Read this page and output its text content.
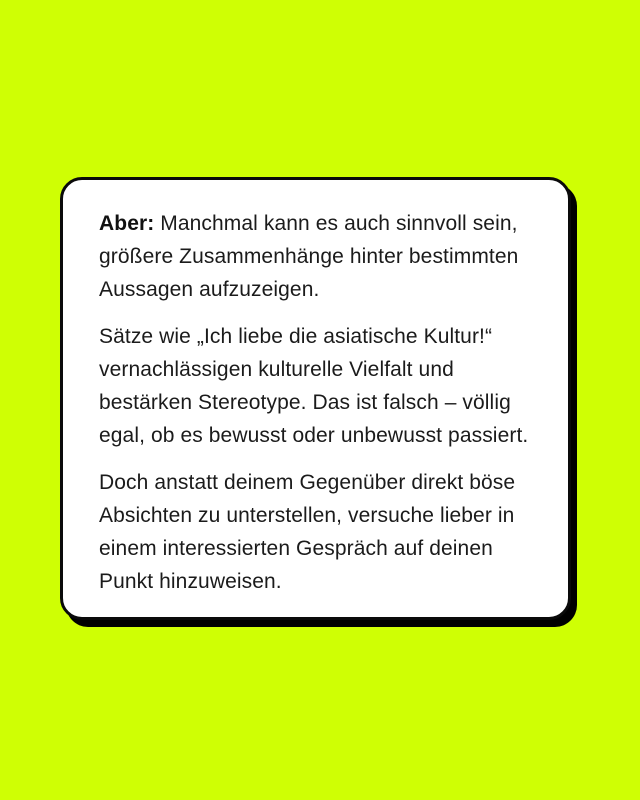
Aber: Manchmal kann es auch sinnvoll sein,
größere Zusammenhänge hinter bestimmten
Aussagen aufzuzeigen.

Sätze wie „Ich liebe die asiatische Kultur!“
vernachlässigen kulturelle Vielfalt und
bestärken Stereotype. Das ist falsch – völlig
egal, ob es bewusst oder unbewusst passiert.

Doch anstatt deinem Gegenüber direkt böse
Absichten zu unterstellen, versuche lieber in
einem interessierten Gespräch auf deinen
Punkt hinzuweisen.
